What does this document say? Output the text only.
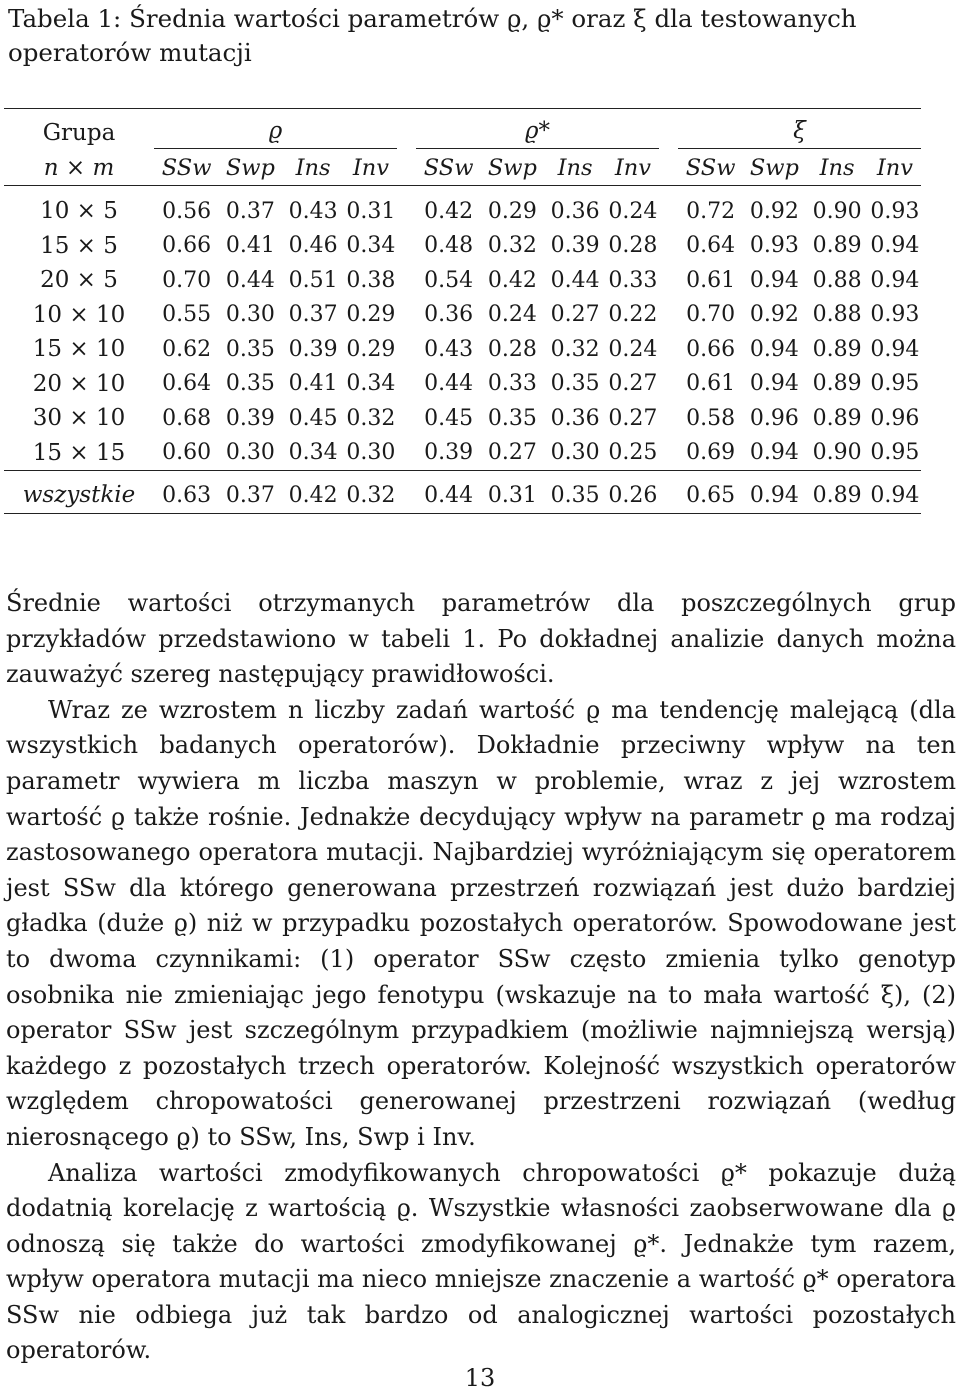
Tabela 1: Średnia wartości parametrów ϱ, ϱ* oraz ξ dla testowanych operatorów mutacji

Grupa	ϱ					ϱ*					ξ			
n × m	SSw	Swp	Ins	Inv		SSw	Swp	Ins	Inv		SSw	Swp	Ins	Inv

10 × 5	0.56	0.37	0.43	0.31		0.42	0.29	0.36	0.24		0.72	0.92	0.90	0.93
15 × 5	0.66	0.41	0.46	0.34		0.48	0.32	0.39	0.28		0.64	0.93	0.89	0.94
20 × 5	0.70	0.44	0.51	0.38		0.54	0.42	0.44	0.33		0.61	0.94	0.88	0.94
10 × 10	0.55	0.30	0.37	0.29		0.36	0.24	0.27	0.22		0.70	0.92	0.88	0.93
15 × 10	0.62	0.35	0.39	0.29		0.43	0.28	0.32	0.24		0.66	0.94	0.89	0.94
20 × 10	0.64	0.35	0.41	0.34		0.44	0.33	0.35	0.27		0.61	0.94	0.89	0.95
30 × 10	0.68	0.39	0.45	0.32		0.45	0.35	0.36	0.27		0.58	0.96	0.89	0.96
15 × 15	0.60	0.30	0.34	0.30		0.39	0.27	0.30	0.25		0.69	0.94	0.90	0.95

wszystkie	0.63	0.37	0.42	0.32		0.44	0.31	0.35	0.26		0.65	0.94	0.89	0.94

Średnie wartości otrzymanych parametrów dla poszczególnych grup przykładów przedstawiono w tabeli 1. Po dokładnej analizie danych można zauważyć szereg następujący prawidłowości.

Wraz ze wzrostem n liczby zadań wartość ϱ ma tendencję malejącą (dla wszystkich badanych operatorów). Dokładnie przeciwny wpływ na ten parametr wywiera m liczba maszyn w problemie, wraz z jej wzrostem wartość ϱ także rośnie. Jednakże decydujący wpływ na parametr ϱ ma rodzaj zastosowanego operatora mutacji. Najbardziej wyróżniającym się operatorem jest SSw dla którego generowana przestrzeń rozwiązań jest dużo bardziej gładka (duże ϱ) niż w przypadku pozostałych operatorów. Spowodowane jest to dwoma czynnikami: (1) operator SSw często zmienia tylko genotyp osobnika nie zmieniając jego fenotypu (wskazuje na to mała wartość ξ), (2) operator SSw jest szczególnym przypadkiem (możliwie najmniejszą wersją) każdego z pozostałych trzech operatorów. Kolejność wszystkich operatorów względem chropowatości generowanej przestrzeni rozwiązań (według nierosnącego ϱ) to SSw, Ins, Swp i Inv.

Analiza wartości zmodyfikowanych chropowatości ϱ* pokazuje dużą dodatnią korelację z wartością ϱ. Wszystkie własności zaobserwowane dla ϱ odnoszą się także do wartości zmodyfikowanej ϱ*. Jednakże tym razem, wpływ operatora mutacji ma nieco mniejsze znaczenie a wartość ϱ* operatora SSw nie odbiega już tak bardzo od analogicznej wartości pozostałych operatorów.

13
